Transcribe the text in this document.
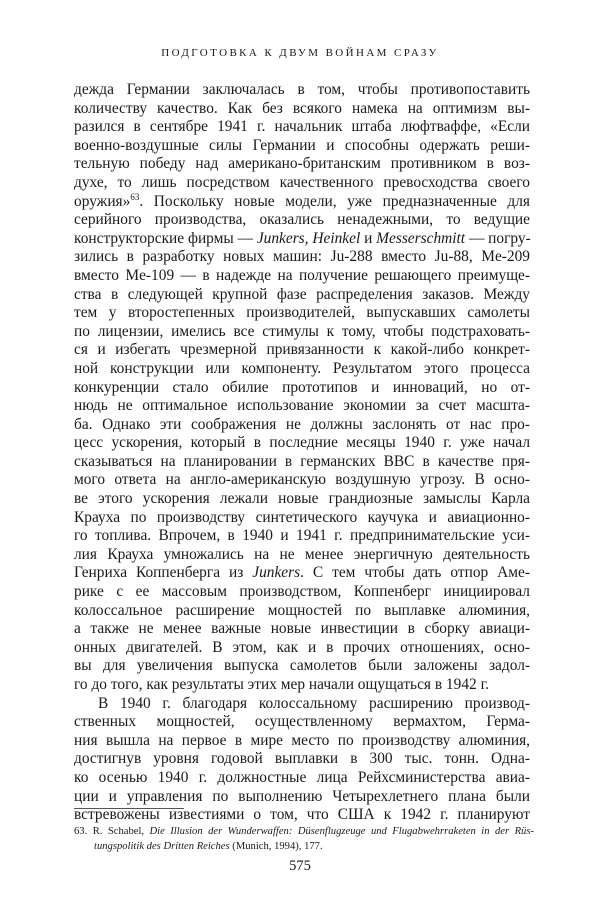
ПОДГОТОВКА К ДВУМ ВОЙНАМ СРАЗУ
дежда Германии заключалась в том, чтобы противопоставить
количеству качество. Как без всякого намека на оптимизм вы-
разился в сентябре 1941 г. начальник штаба люфтваффе, «Если
военно-воздушные силы Германии и способны одержать реши-
тельную победу над американо-британским противником в воз-
духе, то лишь посредством качественного превосходства своего
оружия»$^{63}$. Поскольку новые модели, уже предназначенные для
серийного производства, оказались ненадежными, то ведущие
конструкторские фирмы — Junkers, Heinkel и Messerschmitt — погру-
зились в разработку новых машин: Ju-288 вместо Ju-88, Me-209
вместо Me-109 — в надежде на получение решающего преимуще-
ства в следующей крупной фазе распределения заказов. Между
тем у второстепенных производителей, выпускавших самолеты
по лицензии, имелись все стимулы к тому, чтобы подстраховать-
ся и избегать чрезмерной привязанности к какой-либо конкрет-
ной конструкции или компоненту. Результатом этого процесса
конкуренции стало обилие прототипов и инноваций, но от-
нюдь не оптимальное использование экономии за счет масшта-
ба. Однако эти соображения не должны заслонять от нас про-
цесс ускорения, который в последние месяцы 1940 г. уже начал
сказываться на планировании в германских ВВС в качестве пря-
мого ответа на англо-американскую воздушную угрозу. В осно-
ве этого ускорения лежали новые грандиозные замыслы Карла
Крауха по производству синтетического каучука и авиационно-
го топлива. Впрочем, в 1940 и 1941 г. предпринимательские уси-
лия Крауха умножались на не менее энергичную деятельность
Генриха Коппенберга из Junkers. С тем чтобы дать отпор Аме-
рике с ее массовым производством, Коппенберг инициировал
колоссальное расширение мощностей по выплавке алюминия,
а также не менее важные новые инвестиции в сборку авиаци-
онных двигателей. В этом, как и в прочих отношениях, осно-
вы для увеличения выпуска самолетов были заложены задол-
го до того, как результаты этих мер начали ощущаться в 1942 г.
В 1940 г. благодаря колоссальному расширению производ-
ственных мощностей, осуществленному вермахтом, Герма-
ния вышла на первое в мире место по производству алюминия,
достигнув уровня годовой выплавки в 300 тыс. тонн. Одна-
ко осенью 1940 г. должностные лица Рейхсминистерства авиа-
ции и управления по выполнению Четырехлетнего плана были
встревожены известиями о том, что США к 1942 г. планируют
63. R. Schabel, Die Illusion der Wunderwaffen: Düsenflugzeuge und Flugabwehrraketen in der Rüs-
tungspolitik des Dritten Reiches (Munich, 1994), 177.
575
